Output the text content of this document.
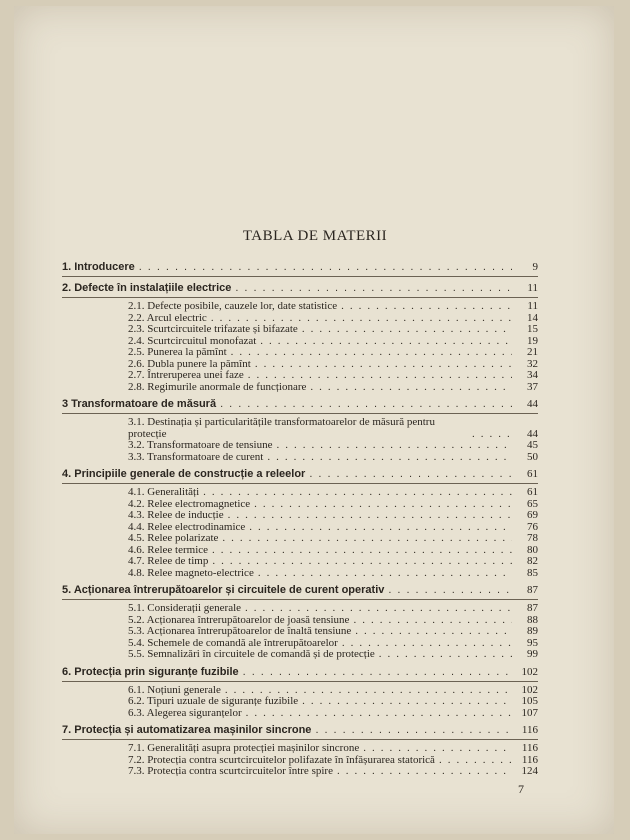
TABLA DE MATERII
1. Introducere .....	9
2. Defecte în instalațiile electrice .....	11
2.1. Defecte posibile, cauzele lor, date statistice .....	11
2.2. Arcul electric .....	14
2.3. Scurtcircuitele trifazate și bifazate .....	15
2.4. Scurtcircuitul monofazat .....	19
2.5. Punerea la pămînt .....	21
2.6. Dubla punere la pămînt .....	32
2.7. Întreruperea unei faze .....	34
2.8. Regimurile anormale de funcționare .....	37
3 Transformatoare de măsură .....	44
3.1. Destinația și particularitățile transformatoarelor de măsură pentru protecție .....	44
3.2. Transformatoare de tensiune .....	45
3.3. Transformatoare de curent .....	50
4. Principiile generale de construcție a releelor .....	61
4.1. Generalități .....	61
4.2. Relee electromagnetice .....	65
4.3. Relee de inducție .....	69
4.4. Relee electrodinamice .....	76
4.5. Relee polarizate .....	78
4.6. Relee termice .....	80
4.7. Relee de timp .....	82
4.8. Relee magneto-electrice .....	85
5. Acționarea întrerupătoarelor și circuitele de curent operativ .....	87
5.1. Considerații generale .....	87
5.2. Acționarea întrerupătoarelor de joasă tensiune .....	88
5.3. Acționarea întrerupătoarelor de înaltă tensiune .....	89
5.4. Schemele de comandă ale întrerupătoarelor .....	95
5.5. Semnalizări în circuitele de comandă și de protecție .....	99
6. Protecția prin siguranțe fuzibile .....	102
6.1. Noțiuni generale .....	102
6.2. Tipuri uzuale de siguranțe fuzibile .....	105
6.3. Alegerea siguranțelor .....	107
7. Protecția și automatizarea mașinilor sincrone .....	116
7.1. Generalități asupra protecției mașinilor sincrone .....	116
7.2. Protecția contra scurtcircuitelor polifazate în înfășurarea statorică .....	116
7.3. Protecția contra scurtcircuitelor între spire .....	124
7
